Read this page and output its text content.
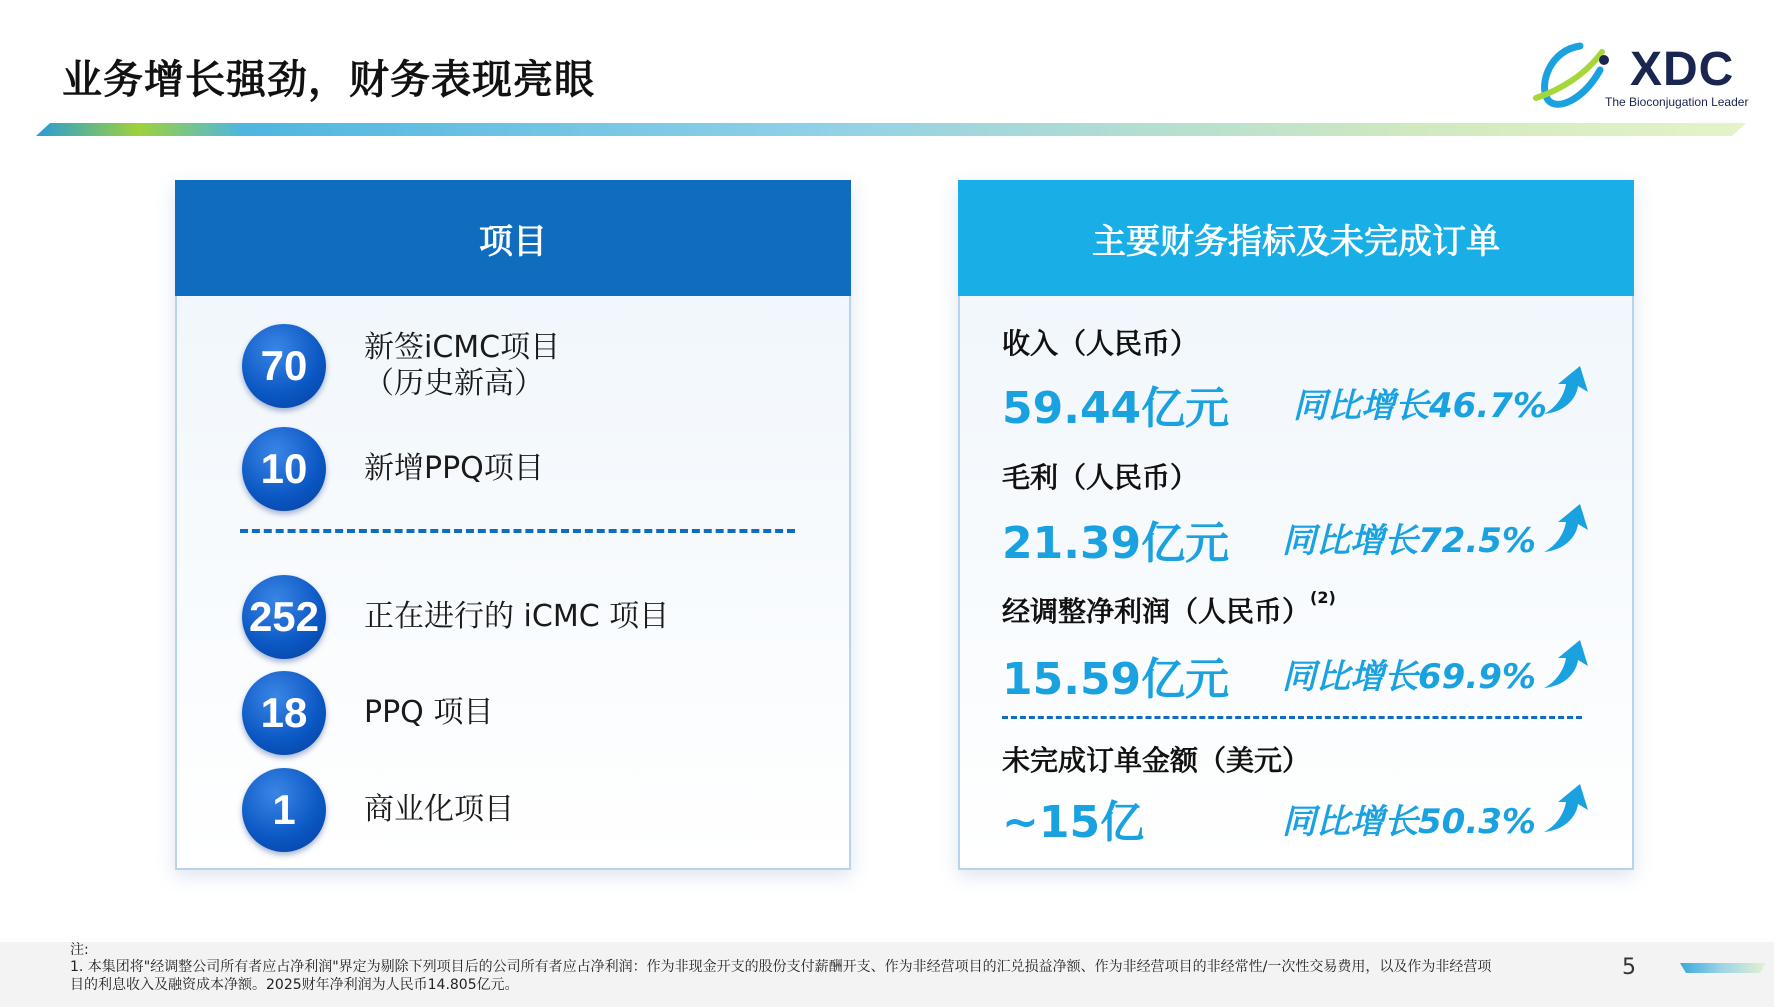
业务增长强劲，财务表现亮眼	XDC
The Bioconjugation Leader
项目
70	新签iCMC项目
（历史新高）
10	新增PPQ项目
252 正在进行的 iCMC 项目
18	PPQ 项目
1	商业化项目
主要财务指标及未完成订单
收入（人民币）
59.44亿元 同比增长46.7%
毛利（人民币）
21.39亿元 同比增长72.5%
经调整净利润（人民币）$^{(2)}$
15.59亿元 同比增长69.9%
未完成订单金额（美元）
~15亿	同比增长50.3%
注:
1. 本集团将"经调整公司所有者应占净利润"界定为剔除下列项目后的公司所有者应占净利润：作为非现金开支的股份支付薪酬开支、作为非经营项目的汇兑损益净额、作为非经营项目的非经常性/一次性交易费用，以及作为非经营项
目的利息收入及融资成本净额。2025财年净利润为人民币14.805亿元。
5
